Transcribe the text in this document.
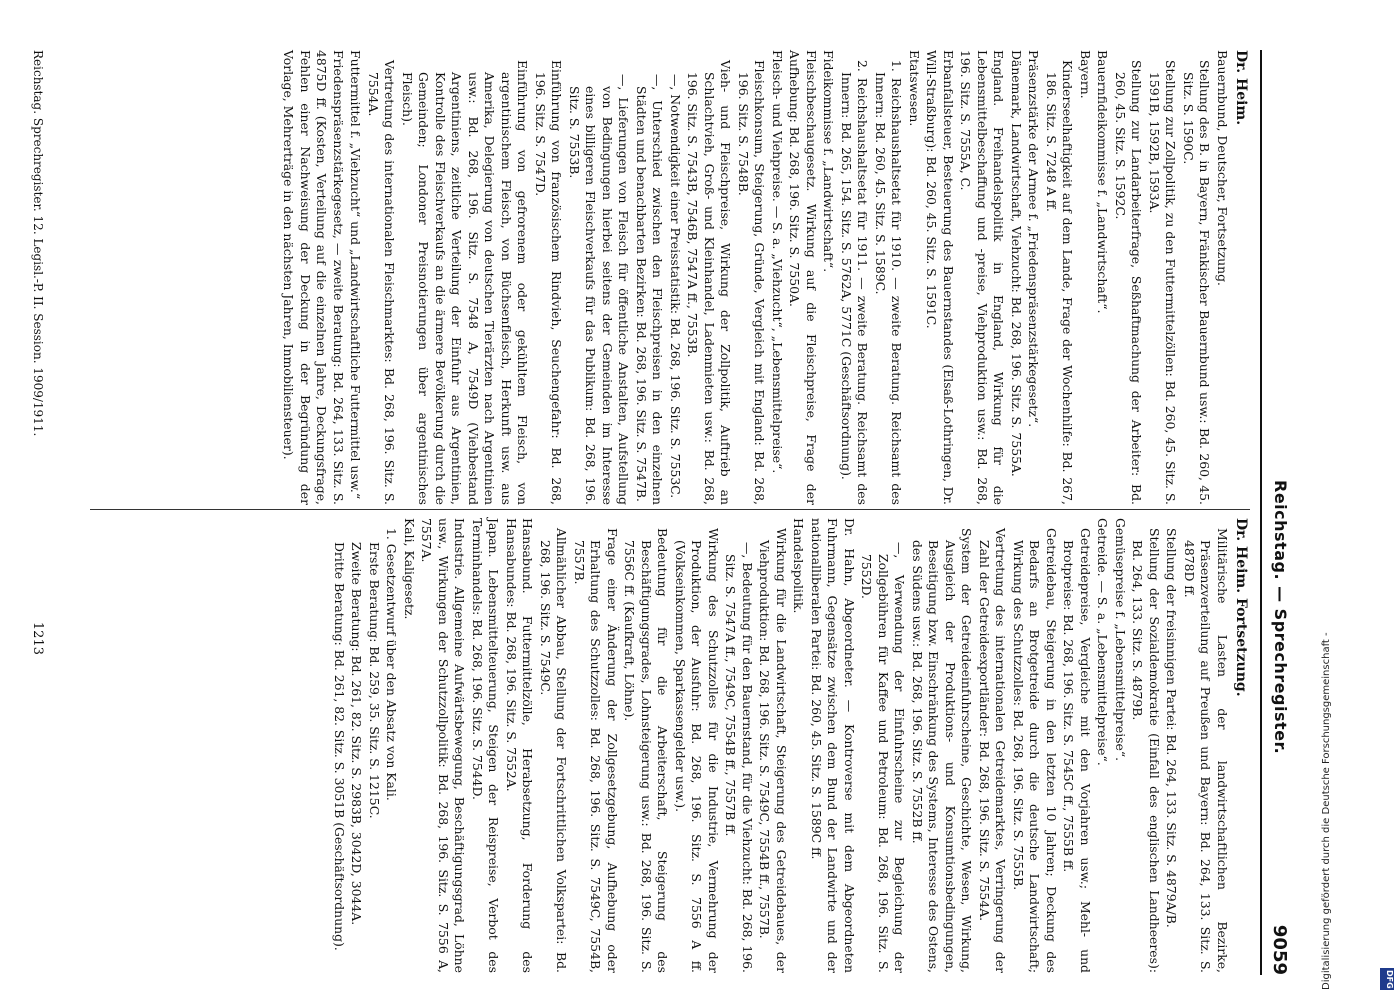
Reichstag. — Sprechregister.
9059
Dr. Heim.
Bauernbund, Deutscher, Fortsetzung.
Stellung des B. in Bayern, Fränkischer Bauernbund usw.: Bd. 260, 45. Sitz. S. 1590C.
Stellung zur Zollpolitik, zu den Futtermittelzöllen: Bd. 260, 45. Sitz. S. 1591B, 1592B, 1593A.
Stellung zur Landarbeiterfrage, Seßhaftmachung der Arbeiter: Bd. 260, 45. Sitz. S. 1592C.
Bauernfideikommisse f. „Landwirtschaft“.
Bayern.
Kinderseelhaftigkeit auf dem Lande, Frage der Wochenhilfe: Bd. 267, 186. Sitz. S. 7248 A ff.
Präsenzstärke der Armee f. „Friedenspräsenzstärkegesetz“.
Dänemark, Landwirtschaft, Viehzucht: Bd. 268, 196. Sitz. S. 7555A.
England. Freihandelspolitik in England, Wirkung für die Lebensmittelbeschaffung und -preise, Viehproduktion usw.: Bd. 268, 196. Sitz. S. 7555A, C.
Erbanfallsteuer, Besteuerung des Bauernstandes (Elsaß-Lothringen, Dr. Will-Straßburg): Bd. 260, 45. Sitz. S. 1591C.
Etatswesen.
1. Reichshaushaltsetat für 1910. — zweite Beratung. Reichsamt des Innern: Bd. 260, 45. Sitz. S. 1589C.
2. Reichshaushaltsetat für 1911. — zweite Beratung. Reichsamt des Innern: Bd. 265, 154. Sitz. S. 5762A, 5771C (Geschäftsordnung).
Fideikommisse f. „Landwirtschaft“.
Fleischbeschaugesetz. Wirkung auf die Fleischpreise, Frage der Aufhebung: Bd. 268, 196. Sitz. S. 7550A.
Fleisch- und Viehpreise. — S. a. „Viehzucht“, „Lebensmittelpreise“.
Fleischkonsum, Steigerung, Gründe, Vergleich mit England: Bd. 268, 196. Sitz. S. 7548B.
Vieh- und Fleischpreise, Wirkung der Zollpolitik, Auftrieb an Schlachtvieh, Groß- und Kleinhandel, Ladenmieten usw.: Bd. 268, 196. Sitz. S. 7543B, 7546B, 7547A ff., 7553B.
—, Notwendigkeit einer Preisstatistik: Bd. 268, 196. Sitz. S. 7553C.
—, Unterschied zwischen den Fleischpreisen in den einzelnen Städten und benachbarten Bezirken: Bd. 268, 196. Sitz. S. 7547B.
—, Lieferungen von Fleisch für öffentliche Anstalten, Aufstellung von Bedingungen hierbei seitens der Gemeinden im Interesse eines billigeren Fleischverkaufs für das Publikum: Bd. 268, 196. Sitz. S. 7553B.
Einführung von französischem Rindvieh, Seuchengefahr: Bd. 268, 196. Sitz. S. 7547D.
Einführung von gefrorenem oder gekühltem Fleisch, von argentinischem Fleisch, von Büchsenfleisch, Herkunft usw. aus Amerika, Delegierung von deutschen Tierärzten nach Argentinien usw.: Bd. 268, 196. Sitz. S. 7548 A, 7549D (Viehbestand Argentiniens, zeitliche Verteilung der Einfuhr aus Argentinien, Kontrolle des Fleischverkaufs an die ärmere Bevölkerung durch die Gemeinden; Londoner Preisnotierungen über argentinisches Fleisch).
Vertretung des internationalen Fleischmarktes: Bd. 268, 196. Sitz. S. 7554A.
Futtermittel f. „Viehzucht“ und „Landwirtschaftliche Futtermittel usw.“
Friedenspräsenzstärkegesetz, — zweite Beratung: Bd. 264, 133. Sitz. S. 4875D ff. (Kosten, Verteilung auf die einzelnen Jahre, Deckungsfrage, Fehlen einer Nachweisung der Deckung in der Begründung der Vorlage, Mehrerträge in den nächsten Jahren, Inmobiliensteuer).
Dr. Heim. Fortsetzung.
Militärische Lasten der landwirtschaftlichen Bezirke, Präsenzverteilung auf Preußen und Bayern: Bd. 264, 133. Sitz. S. 4878D ff.
Stellung der freisinnigen Partei: Bd. 264, 133. Sitz. S. 4879A/B.
Stellung der Sozialdemokratie (Einfall des englischen Landheeres): Bd. 264, 133. Sitz. S. 4879B.
Gemüsepreise f. „Lebensmittelpreise“.
Getreide. — S. a. „Lebensmittelpreise“.
Getreidepreise, Vergleiche mit den Vorjahren usw.; Mehl- und Brotpreise: Bd. 268, 196. Sitz. S. 7545C ff., 7555B ff.
Getreidebau, Steigerung in den letzten 10 Jahren; Deckung des Bedarfs an Brotgetreide durch die deutsche Landwirtschaft; Wirkung des Schutzzolles: Bd. 268, 196. Sitz. S. 7555B.
Vertretung des internationalen Getreidemarktes, Verringerung der Zahl der Getreideexportländer: Bd. 268, 196. Sitz. S. 7554A.
System der Getreideeinfuhrscheine, Geschichte, Wesen, Wirkung, Ausgleich der Produktions- und Konsumtionsbedingungen, Beseitigung bzw. Einschränkung des Systems, Interesse des Ostens, des Südens usw.: Bd. 268, 196. Sitz. S. 7552B ff.
—, Verwendung der Einfuhrscheine zur Begleichung der Zollgebühren für Kaffee und Petroleum: Bd. 268, 196. Sitz. S. 7552D.
Dr. Hahn, Abgeordneter. — Kontroverse mit dem Abgeordneten Fuhrmann, Gegensätze zwischen dem Bund der Landwirte und der nationalliberalen Partei: Bd. 260, 45. Sitz. S. 1589C ff.
Handelspolitik.
Wirkung für die Landwirtschaft, Steigerung des Getreidebaues, der Viehproduktion: Bd. 268, 196. Sitz. S. 7549C, 7554B ff., 7557B.
—, Bedeutung für den Bauernstand, für die Viehzucht: Bd. 268, 196. Sitz. S. 7547A ff., 7549C, 7554B ff., 7557B ff.
Wirkung des Schutzzolles für die Industrie, Vermehrung der Produktion, der Ausfuhr: Bd. 268, 196. Sitz. S. 7556 A ff. (Volkseinkommen, Sparkassengelder usw.).
Bedeutung für die Arbeiterschaft, Steigerung des Beschäftigungsgrades, Lohnsteigerung usw.: Bd. 268, 196. Sitz. S. 7556C ff. (Kaufkraft, Löhne).
Frage einer Änderung der Zollgesetzgebung, Aufhebung oder Erhaltung des Schutzzolles: Bd. 268, 196. Sitz. S. 7549C, 7554B, 7557B.
Allmählicher Abbau, Stellung der Fortschrittlichen Volkspartei: Bd. 268, 196. Sitz. S. 7549C.
Hansabund. Futtermittelzölle, Herabsetzung, Forderung des Hansabundes: Bd. 268, 196. Sitz. S. 7552A.
Japan. Lebensmittelteuerung, Steigen der Reispreise, Verbot des Terminhandels: Bd. 268, 196. Sitz. S. 7544D.
Industrie. Allgemeine Aufwärtsbewegung, Beschäftigungsgrad, Löhne usw., Wirkungen der Schutzzollpolitik: Bd. 268, 196. Sitz. S. 7556 A, 7557A.
Kali, Kaligesetz.
1. Gesetzentwurf über den Absatz von Kali.
Erste Beratung: Bd. 259, 35. Sitz. S. 1215C.
Zweite Beratung: Bd. 261, 82. Sitz. S. 2983B, 3042D, 3044A.
Dritte Beratung: Bd. 261, 82. Sitz. S. 3051B (Geschäftsordnung).
Reichstag. Sprechregister. 12. Legisl.-P. II. Session. 1909/1911.
1213	Digitalisierung gefördert durch die Deutsche Forschungsgemeinschaft -	DFG
